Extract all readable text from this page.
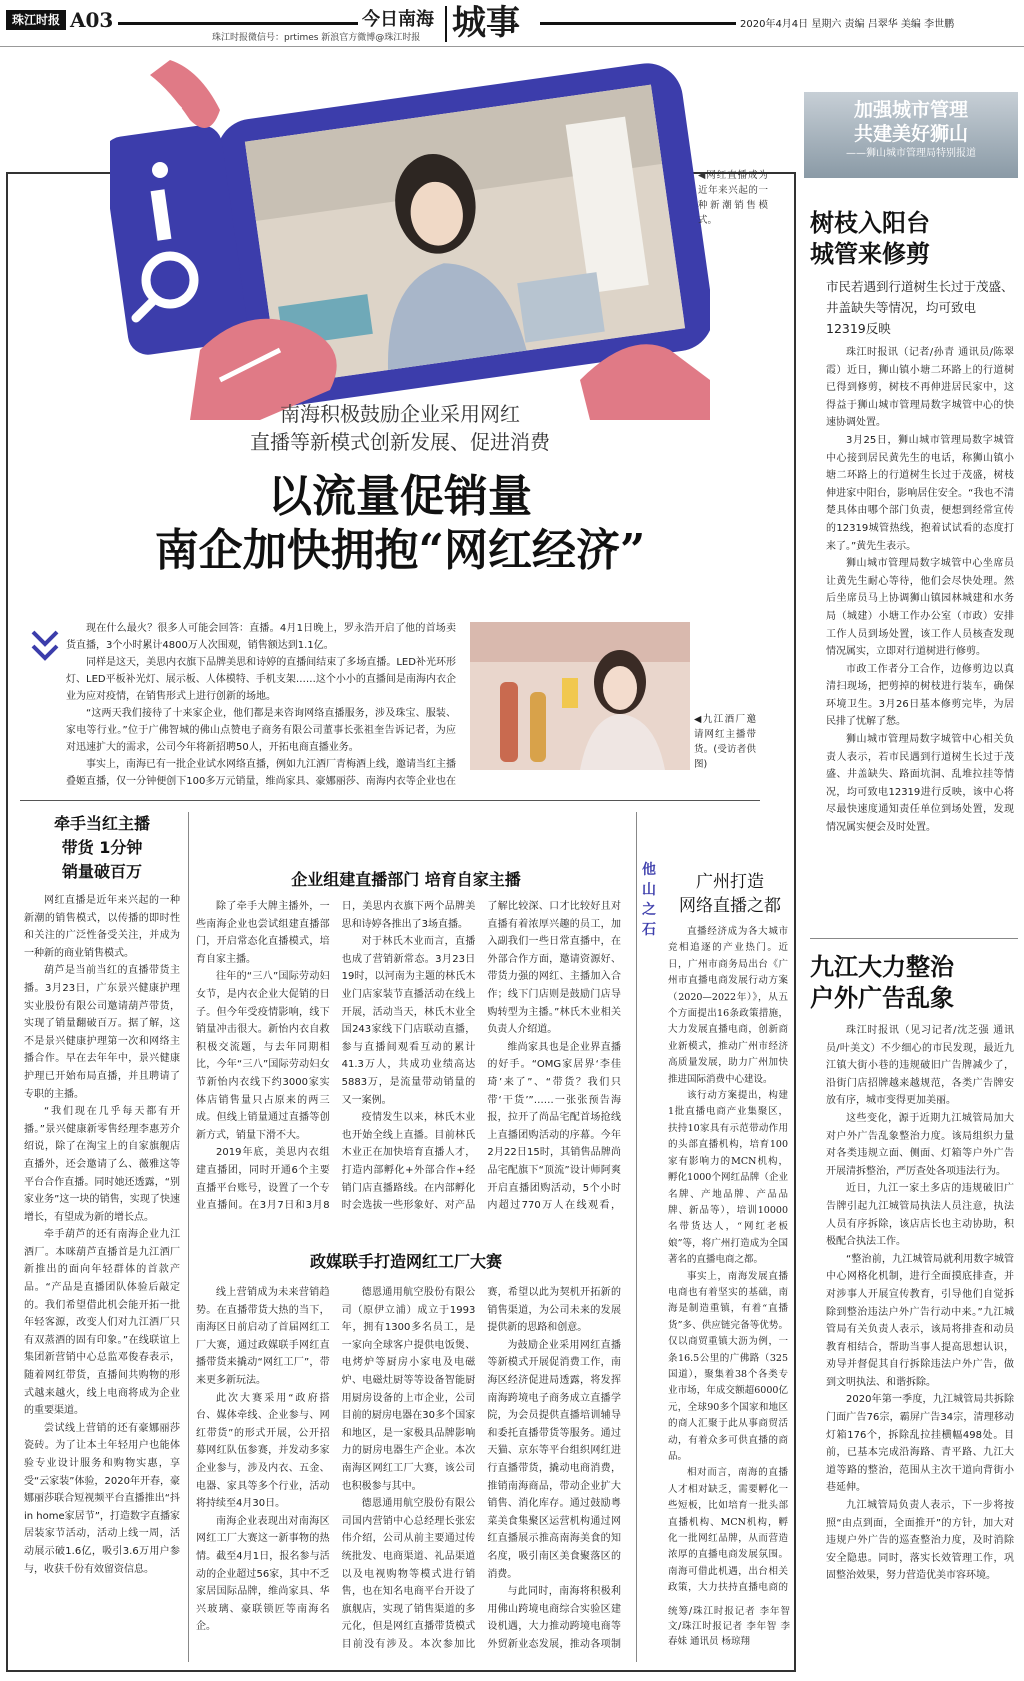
珠江时报 A03	今日南海
珠江时报微信号：prtimes 新浪官方微博@珠江时报 城事	2020年4月4日 星期六 责编 吕翠华 美编 李世鹏
◀网红直播成为近年来兴起的一种新潮销售模式。
南海积极鼓励企业采用网红
直播等新模式创新发展、促进消费
以流量促销量
南企加快拥抱“网红经济”

现在什么最火？很多人可能会回答：直播。4月1日晚上，罗永浩开启了他的首场卖货直播，3个小时累计4800万人次围观，销售额达到1.1亿。

同样是这天，美思内衣旗下品牌美思和诗婷的直播间结束了多场直播。LED补光环形灯、LED平板补光灯、展示板、人体模特、手机支架……这个小小的直播间是南海内衣企业为应对疫情，在销售形式上进行创新的场地。

“这两天我们接待了十来家企业，他们都是来咨询网络直播服务，涉及珠宝、服装、家电等行业。”位于广佛智城的佛山点赞电子商务有限公司董事长张祖奎告诉记者，为应对迅速扩大的需求，公司今年将新招聘50人，开拓电商直播业务。

事实上，南海已有一批企业试水网络直播，例如九江酒厂青梅酒上线，邀请当红主播叠姬直播，仅一分钟便创下100多万元销量，维尚家具、豪娜丽莎、南海内衣等企业也在

◀九江酒厂邀请网红主播带货。(受访者供图)
牵手当红主播
带货 1分钟
销量破百万

网红直播是近年来兴起的一种新潮的销售模式，以传播的即时性和关注的广泛性备受关注，并成为一种新的商业销售模式。

葫芦是当前当红的直播带货主播。3月23日，广东景兴健康护理实业股份有限公司邀请葫芦带货，实现了销量翻破百万。据了解，这不是景兴健康护理第一次和网络主播合作。早在去年年中，景兴健康护理已开始布局直播，并且聘请了专职的主播。

“我们现在几乎每天都有开播。”景兴健康新零售经理李惠芳介绍说，除了在淘宝上的自家旗舰店直播外，还会邀请了么、薇雅这等平台合作直播。同时她还透露，“别家业务”这一块的销售，实现了快速增长，有望成为新的增长点。

牵手葫芦的还有南海企业九江酒厂。本咪葫芦直播首是九江酒厂新推出的面向年轻群体的首款产品。“产品是直播团队体验后敲定的。我们希望借此机会能开拓一批年轻客源，改变人们对九江酒厂只有双蒸酒的固有印象。”在线联谊上集团新营销中心总监邓俊春表示，随着网红带货，直播间共购物的形式越来越火，线上电商将成为企业的重要渠道。

尝试线上营销的还有豪娜丽莎瓷砖。为了让本土年轻用户也能体验专业设计服务和购物实惠，享受“云家装”体验，2020年开春，豪娜丽莎联合短视频平台直播推出“抖in home家居节”，打造数字直播家居装家节活动，活动上线一周，活动展示破1.6亿，吸引3.6万用户参与，收获千份有效留资信息。

企业组建直播部门 培育自家主播

除了牵手大牌主播外，一些南海企业也尝试组建直播部门，开启常态化直播模式，培育自家主播。

往年的“三八”国际劳动妇女节，是内衣企业大促销的日子。但今年受疫情影响，线下销量冲击很大。新怡内衣自救积极交流题，与去年同期相比，今年“三八”国际劳动妇女节新怡内衣线下约3000家实体店销售量只占原来的两三成。但线上销量通过直播等创新方式，销量下滑不大。

2019年底，美思内衣组建直播团，同时开通6个主要直播平台账号，设置了一个专业直播间。在3月7日和3月8日，美思内衣旗下两个品牌美思和诗婷各推出了3场直播。

对于林氏木业而言，直播也成了营销新常态。3月23日19时，以河南为主题的林氏木业门店家装节直播活动在线上开展，活动当天，林氏木业全国243家线下门店联动直播，参与直播间观看互动的累计41.3万人，共成功业绩高达5883万，是流量带动销量的又一案例。

疫情发生以来，林氏木业也开始全线上直播。目前林氏木业正在加快培育直播人才，打造内部孵化+外部合作+经销门店直播路线。在内部孵化时会选拔一些形象好、对产品了解比较深、口才比较好且对直播有着浓厚兴趣的员工，加入副我们一些日常直播中，在外部合作方面，邀请资源好、带货力强的网红、主播加入合作；线下门店则是鼓励门店导购转型为主播。”林氏木业相关负责人介绍道。

维尚家具也是企业界直播的好手。“OMG家居界‘李佳琦’来了”、“带货？我们只带‘干货’”……一张张预告海报，拉开了尚品宅配首场抢线上直播团购活动的序幕。今年2月22日15时，其销售品牌尚品宅配旗下“顶流”设计师阿爽开启直播团购活动，5个小时内超过770万人在线观看，

政媒联手打造网红工厂大赛

线上营销成为未来营销趋势。在直播带货大热的当下，南海区日前启动了首届网红工厂大赛，通过政媒联手网红直播带货来撬动“网红工厂”，带来更多新玩法。

此次大赛采用“政府搭台、媒体牵线、企业参与、网红带货”的形式开展，公开招募网红队伍参赛，并发动多家企业参与，涉及内衣、五金、电器、家具等多个行业，活动将持续至4月30日。

南海企业表现出对南海区网红工厂大赛这一新事物的热情。截至4月1日，报名参与活动的企业超过56家，其中不乏家居国际品牌，维尚家具、华兴玻璃、豪联锁匠等南海名企。

德恩通用航空股份有限公司（原伊立浦）成立于1993年，拥有1300多名员工，是一家向全球客户提供电饭煲、电烤炉等厨房小家电及电磁炉、电磁灶厨等等设备智能厨用厨房设备的上市企业，公司目前的厨房电器在30多个国家和地区，是一家极具品牌影响力的厨房电器生产企业。本次南海区网红工厂大赛，该公司也积极参与其中。

德恩通用航空股份有限公司国内营销中心总经理长张宏伟介绍，公司从前主要通过传统批发、电商渠道、礼品渠道以及电视购物等模式进行销售，也在知名电商平台开设了旗舰店，实现了销售渠道的多元化，但是网红直播带货模式目前没有涉及。本次参加比赛，希望以此为契机开拓新的销售渠道，为公司未来的发展提供新的思路和创意。

为鼓励企业采用网红直播等新模式开展促消费工作，南海区经济促进局透露，将发挥南海跨境电子商务成立直播学院，为会员提供直播培训辅导和委托直播带货等服务。通过天猫、京东等平台组织网红进行直播带货，撬动电商消费，推销南海商品，带动企业扩大销售、消化库存。通过鼓励粤菜美食集聚区运营机构通过网红直播展示推高南海美食的知名度，吸引南区美食聚落区的消费。

与此同时，南海将积极利用佛山跨境电商综合实验区建设机遇，大力推动跨境电商等外贸新业态发展，推动各项制

他山之石
广州打造
网络直播之都

直播经济成为各大城市竞相追逐的产业热门。近日，广州市商务局出台《广州市直播电商发展行动方案（2020—2022年）》，从五个方面提出16条政策措施，大力发展直播电商，创新商业新模式，推动广州市经济高质量发展，助力广州加快推进国际消费中心建设。

该行动方案提出，构建1批直播电商产业集聚区，扶持10家具有示范带动作用的头部直播机构，培育100家有影响力的MCN机构，孵化1000个网红品牌（企业名牌、产地品牌、产品品牌、新品等），培训10000名带货达人，“网红老板娘”等，将广州打造成为全国著名的直播电商之都。

事实上，南海发展直播电商也有着坚实的基础，南海是制造重镇，有着“直播货”多、供应链完备等优势。仅以商贸重镇大沥为例，一条16.5公里的广佛路（325国道），聚集着38个各类专业市场，年成交额超6000亿元，全球90多个国家和地区的商人汇聚于此从事商贸活动，有着众多可供直播的商品。

相对而言，南海的直播人才相对缺乏，需要孵化一些短板，比如培育一批头部直播机构、MCN机构，孵化一批网红品牌，从而营造浓厚的直播电商发展氛围。南海可借此机遇，出台相关政策，大力扶持直播电商的

统筹/珠江时报记者 李年智 文/珠江时报记者 李年智 李春妹 通讯员 杨琼翔
加强城市管理
共建美好狮山
——狮山城市管理局特别报道
树枝入阳台
城管来修剪
市民若遇到行道树生长过于茂盛、井盖缺失等情况，均可致电12319反映

珠江时报讯（记者/孙青 通讯员/陈翠霞）近日，狮山镇小塘二环路上的行道树已得到修剪，树枝不再伸进居民家中，这得益于狮山城市管理局数字城管中心的快速协调处置。

3月25日，狮山城市管理局数字城管中心接到居民黄先生的电话，称狮山镇小塘二环路上的行道树生长过于茂盛，树枝伸进家中阳台，影响居住安全。“我也不清楚具体由哪个部门负责，便想到经常宣传的12319城管热线，抱着试试看的态度打来了。”黄先生表示。

狮山城市管理局数字城管中心坐席员让黄先生耐心等待，他们会尽快处理。然后坐席员马上协调狮山镇园林城建和水务局（城建）小塘工作办公室（市政）安排工作人员到场处置，该工作人员核查发现情况属实，立即对行道树进行修剪。

市政工作者分工合作，边修剪边以真清扫现场，把剪掉的树枝进行装车，确保环境卫生。3月26日基本修剪完毕，为居民排了忧解了愁。

狮山城市管理局数字城管中心相关负责人表示，若市民遇到行道树生长过于茂盛、井盖缺失、路面坑洞、乱堆拉挂等情况，均可致电12319进行反映，该中心将尽最快速度通知责任单位到场处置，发现情况属实便会及时处置。

九江大力整治
户外广告乱象

珠江时报讯（见习记者/沈芝强 通讯员/叶美文）不少细心的市民发现，最近九江镇大街小巷的违规破旧广告牌减少了，沿街门店招牌越来越规范，各类广告牌安放有序，城市变得更加美丽。

这些变化，源于近期九江城管局加大对户外广告乱象整治力度。该局组织力量对各类违规立面、侧面、灯箱等户外广告开展清拆整治，严厉查处各项违法行为。

近日，九江一家土多店的违规破旧广告牌引起九江城管局执法人员注意，执法人员有序拆除，该店店长也主动协助，积极配合执法工作。

“整治前，九江城管局就利用数字城管中心网格化机制，进行全面摸底排查，并对涉事人开展宣传教育，引导他们自觉拆除到整治违法户外广告行动中来。”九江城管局有关负责人表示，该局将排查和动员教育相结合，帮助当事人提高思想认识，劝导并督促其自行拆除违法户外广告，做到文明执法、和谐拆除。

2020年第一季度，九江城管局共拆除门面广告76宗，霸屏广告34宗，清理移动灯箱176个，拆除乱拉挂横幅498处。目前，已基本完成沿海路、青平路、九江大道等路的整治，范围从主次干道向背街小巷延伸。

九江城管局负责人表示，下一步将按照“由点到面，全面推开”的方针，加大对违规户外广告的巡查整治力度，及时消除安全隐患。同时，落实长效管理工作，巩固整治效果，努力营造优美市容环境。
